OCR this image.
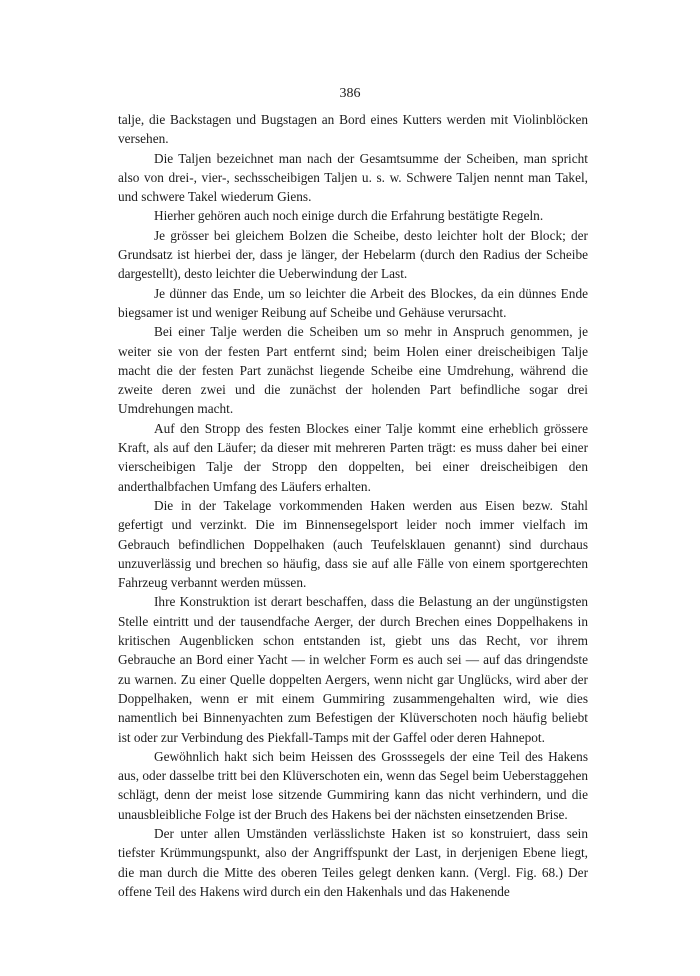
386

talje, die Backstagen und Bugstagen an Bord eines Kutters werden mit Violinblöcken versehen.

Die Taljen bezeichnet man nach der Gesamtsumme der Scheiben, man spricht also von drei-, vier-, sechsscheibigen Taljen u. s. w. Schwere Taljen nennt man Takel, und schwere Takel wiederum Giens.

Hierher gehören auch noch einige durch die Erfahrung bestätigte Regeln.

Je grösser bei gleichem Bolzen die Scheibe, desto leichter holt der Block; der Grundsatz ist hierbei der, dass je länger, der Hebelarm (durch den Radius der Scheibe dargestellt), desto leichter die Ueberwindung der Last.

Je dünner das Ende, um so leichter die Arbeit des Blockes, da ein dünnes Ende biegsamer ist und weniger Reibung auf Scheibe und Gehäuse verursacht.

Bei einer Talje werden die Scheiben um so mehr in Anspruch genommen, je weiter sie von der festen Part entfernt sind; beim Holen einer dreischeibigen Talje macht die der festen Part zunächst liegende Scheibe eine Umdrehung, während die zweite deren zwei und die zunächst der holenden Part befindliche sogar drei Umdrehungen macht.

Auf den Stropp des festen Blockes einer Talje kommt eine erheblich grössere Kraft, als auf den Läufer; da dieser mit mehreren Parten trägt: es muss daher bei einer vierscheibigen Talje der Stropp den doppelten, bei einer dreischeibigen den anderthalbfachen Umfang des Läufers erhalten.

Die in der Takelage vorkommenden Haken werden aus Eisen bezw. Stahl gefertigt und verzinkt. Die im Binnensegelsport leider noch immer vielfach im Gebrauch befindlichen Doppelhaken (auch Teufelsklauen genannt) sind durchaus unzuverlässig und brechen so häufig, dass sie auf alle Fälle von einem sportgerechten Fahrzeug verbannt werden müssen.

Ihre Konstruktion ist derart beschaffen, dass die Belastung an der ungünstigsten Stelle eintritt und der tausendfache Aerger, der durch Brechen eines Doppelhakens in kritischen Augenblicken schon entstanden ist, giebt uns das Recht, vor ihrem Gebrauche an Bord einer Yacht — in welcher Form es auch sei — auf das dringendste zu warnen. Zu einer Quelle doppelten Aergers, wenn nicht gar Unglücks, wird aber der Doppelhaken, wenn er mit einem Gummiring zusammengehalten wird, wie dies namentlich bei Binnenyachten zum Befestigen der Klüverschoten noch häufig beliebt ist oder zur Verbindung des Piekfall-Tamps mit der Gaffel oder deren Hahnepot.

Gewöhnlich hakt sich beim Heissen des Grosssegels der eine Teil des Hakens aus, oder dasselbe tritt bei den Klüverschoten ein, wenn das Segel beim Ueberstaggehen schlägt, denn der meist lose sitzende Gummiring kann das nicht verhindern, und die unausbleibliche Folge ist der Bruch des Hakens bei der nächsten einsetzenden Brise.

Der unter allen Umständen verlässlichste Haken ist so konstruiert, dass sein tiefster Krümmungspunkt, also der Angriffspunkt der Last, in derjenigen Ebene liegt, die man durch die Mitte des oberen Teiles gelegt denken kann. (Vergl. Fig. 68.) Der offene Teil des Hakens wird durch ein den Hakenhals und das Hakenende
